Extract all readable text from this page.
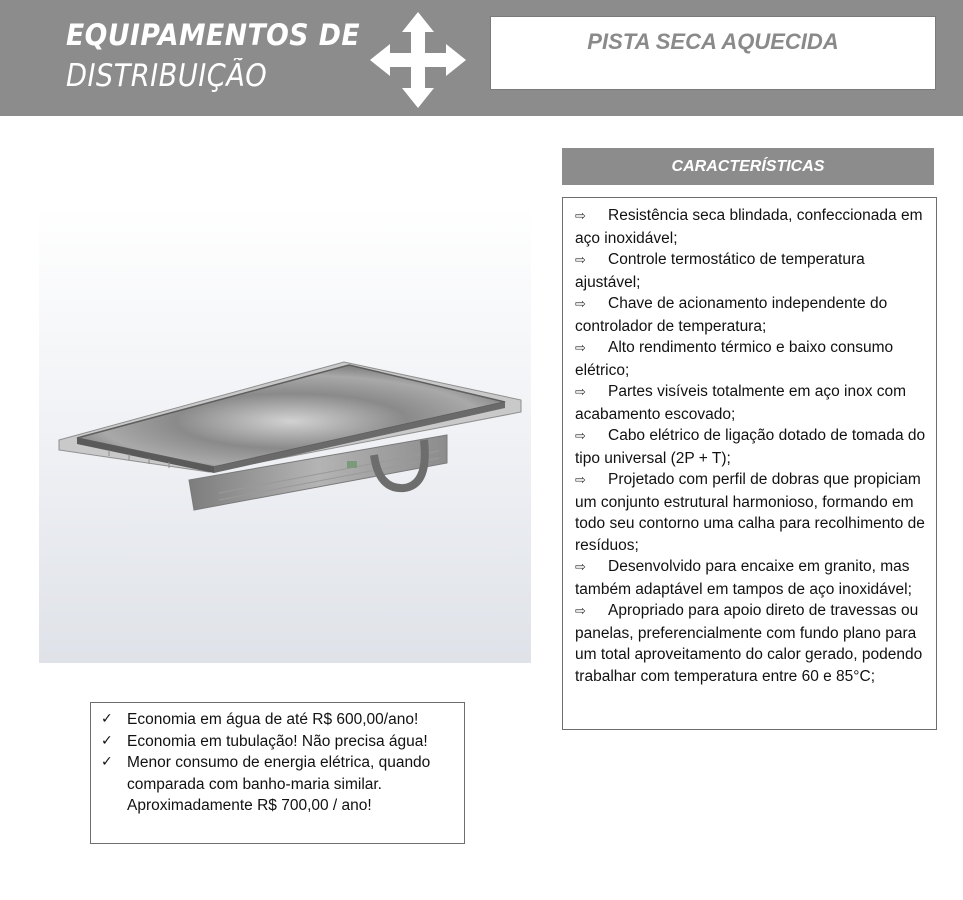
EQUIPAMENTOS DE
DISTRIBUIÇÃO
PISTA SECA AQUECIDA
CARACTERÍSTICAS

⇨ Resistência seca blindada, confeccionada em aço inoxidável;

⇨ Controle termostático de temperatura ajustável;

⇨ Chave de acionamento independente do controlador de temperatura;

⇨ Alto rendimento térmico e baixo consumo elétrico;

⇨ Partes visíveis totalmente em aço inox com acabamento escovado;

⇨ Cabo elétrico de ligação dotado de tomada do tipo universal (2P + T);

⇨ Projetado com perfil de dobras que propiciam um conjunto estrutural harmonioso, formando em todo seu contorno uma calha para recolhimento de resíduos;

⇨ Desenvolvido para encaixe em granito, mas também adaptável em tampos de aço inoxidável;

⇨ Apropriado para apoio direto de travessas ou panelas, preferencialmente com fundo plano para um total aproveitamento do calor gerado, podendo trabalhar com temperatura entre 60 e 85°C;

✓ Economia em água de até R$ 600,00/ano!
✓ Economia em tubulação! Não precisa água!
✓ Menor consumo de energia elétrica, quando comparada com banho-maria similar. Aproximadamente R$ 700,00 / ano!
